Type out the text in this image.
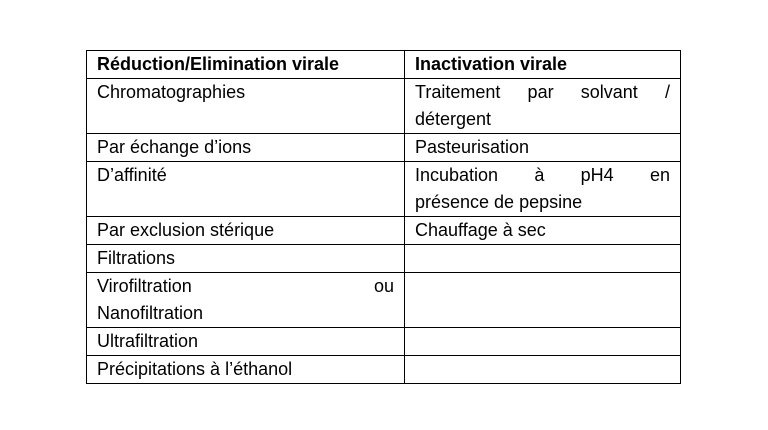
Réduction/Elimination virale	Inactivation virale
Chromatographies	Traitement par solvant /
détergent

Par échange d’ions	Pasteurisation
D’affinité	Incubation à pH4 en
présence de pepsine

Par exclusion stérique	Chauffage à sec
Filtrations	

Virofiltration ou
Nanofiltration	

Ultrafiltration	
Précipitations à l’éthanol	
